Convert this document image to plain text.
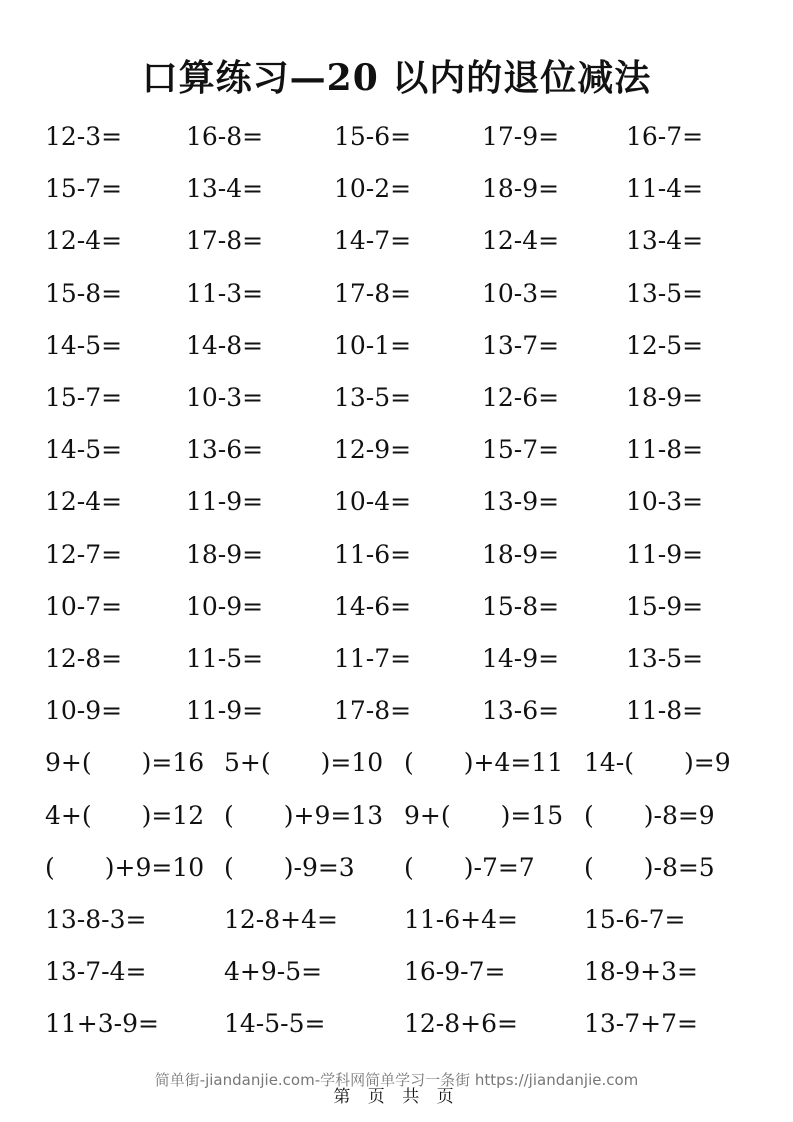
口算练习—20 以内的退位减法
12-3=	16-8=	15-6=	17-9=	16-7=
15-7=	13-4=	10-2=	18-9=	11-4=
12-4=	17-8=	14-7=	12-4=	13-4=
15-8=	11-3=	17-8=	10-3=	13-5=
14-5=	14-8=	10-1=	13-7=	12-5=
15-7=	10-3=	13-5=	12-6=	18-9=
14-5=	13-6=	12-9=	15-7=	11-8=
12-4=	11-9=	10-4=	13-9=	10-3=
12-7=	18-9=	11-6=	18-9=	11-9=
10-7=	10-9=	14-6=	15-8=	15-9=
12-8=	11-5=	11-7=	14-9=	13-5=
10-9=	11-9=	17-8=	13-6=	11-8=
9+(　　)=16 5+(　　)=10 (　　)+4=11 14-(　　)=9
4+(　　)=12 (　　)+9=13 9+(　　)=15 (　　)-8=9
(　　)+9=10 (　　)-9=3 (　　)-7=7 (　　)-8=5
13-8-3=	12-8+4=	11-6+4=	15-6-7=
13-7-4=	4+9-5=	16-9-7=	18-9+3=
11+3-9=	14-5-5=	12-8+6=	13-7+7=
简单街-jiandanjie.com-学科网简单学习一条街 https://jiandanjie.com
第 页 共 页
